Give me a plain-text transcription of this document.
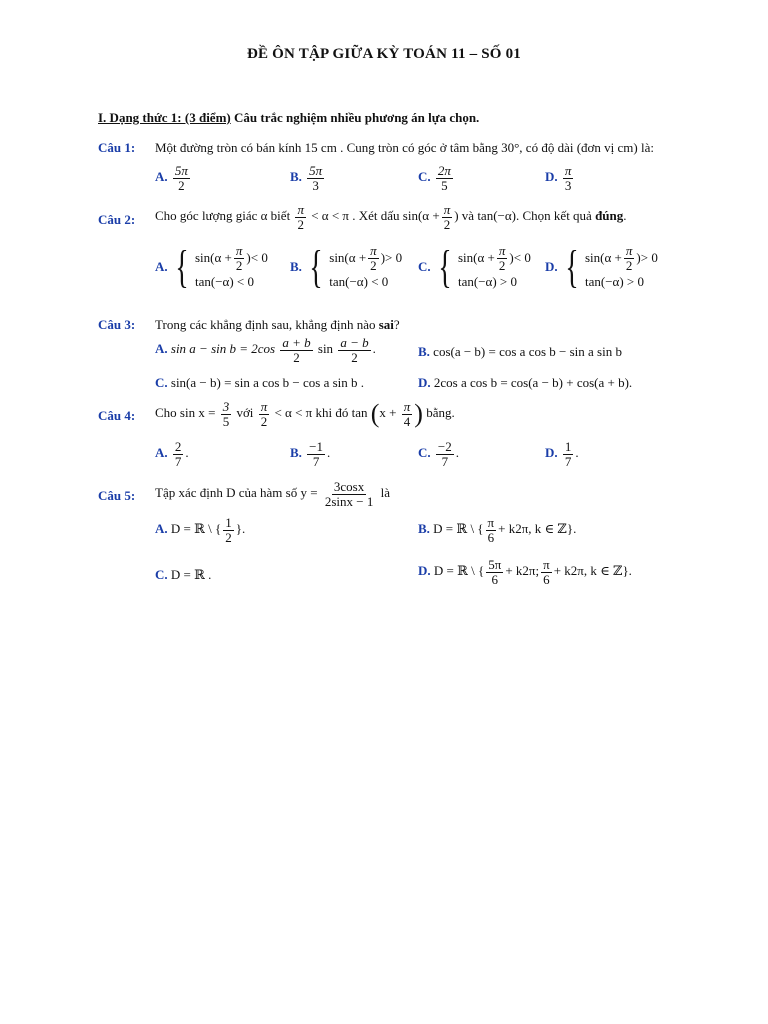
ĐỀ ÔN TẬP GIỮA KỲ TOÁN 11 – SỐ 01
I. Dạng thức 1: (3 điểm) Câu trắc nghiệm nhiều phương án lựa chọn.
Câu 1: Một đường tròn có bán kính 15 cm . Cung tròn có góc ở tâm bằng 30°, có độ dài (đơn vị cm) là:
A. $\frac{5\pi}{2}$	B. $\frac{5\pi}{3}$	C. $\frac{2\pi}{5}$	D. $\frac{\pi}{3}$
Câu 2: Cho góc lượng giác α biết $\frac{\pi}{2} < \alpha < \pi$ . Xét dấu $\sin(\alpha + \frac{\pi}{2}$ ) và tan(−α). Chọn kết quả đúng.
A. { $\sin(\alpha + \frac{\pi}{2}$ ) < 0
tan(−α) < 0
B. { $\sin(\alpha + \frac{\pi}{2}$ ) > 0
tan(−α) < 0
C. { $\sin(\alpha + \frac{\pi}{2}$ ) < 0
tan(−α) > 0
D. { $\sin(\alpha + \frac{\pi}{2}$ ) > 0
tan(−α) > 0
Câu 3: Trong các khẳng định sau, khẳng định nào sai?
A. $\sin a - \sin b = 2\cos \frac{a + b}{2}$ $\sin \frac{a - b}{2}$ .	B. cos(a − b) = cos a cos b − sin a sin b
C. sin(a − b) = sin a cos b − cos a sin b .	D. 2cos a cos b = cos(a − b) + cos(a + b).
Câu 4: Cho $\sin x = \frac{3}{5}$ với $\frac{\pi}{2} < \alpha < \pi$ khi đó $\tan (x + \frac{\pi}{4}$ ) bằng.
A. $\frac{2}{7}$ .	B. $\frac{-1}{7}$ .	C. $\frac{-2}{7}$ .	D. $\frac{1}{7}$ .
Câu 5: Tập xác định D của hàm số $y = \frac{3\cos x}{2\sin x - 1}$ là
A. D = ℝ \ { $\frac{1}{2}$ }.	B. D = ℝ \ { $\frac{\pi}{6} + k2\pi$, k ∈ ℤ}.
C. D = ℝ .	D. D = ℝ \ { $\frac{5\pi}{6} + k2\pi$; $\frac{\pi}{6} + k2\pi$, k ∈ ℤ}.
